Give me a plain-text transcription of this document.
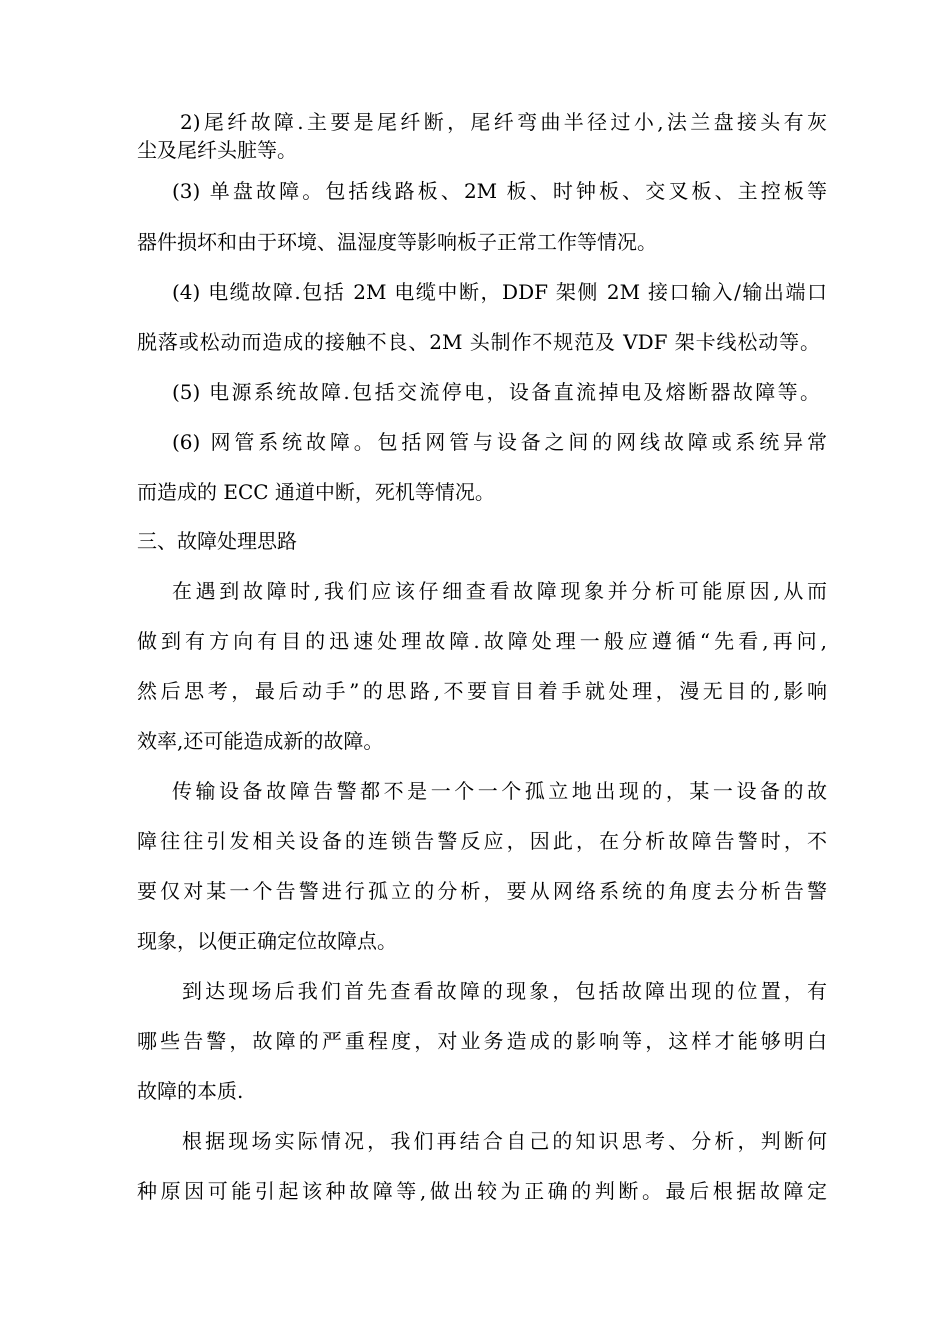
2)尾纤故障.主要是尾纤断，尾纤弯曲半径过小,法兰盘接头有灰
尘及尾纤头脏等。
(3) 单盘故障。包括线路板、2M 板、时钟板、交叉板、主控板等
器件损坏和由于环境、温湿度等影响板子正常工作等情况。
(4) 电缆故障.包括 2M 电缆中断，DDF 架侧 2M 接口输入/输出端口
脱落或松动而造成的接触不良、2M 头制作不规范及 VDF 架卡线松动等。
(5) 电源系统故障.包括交流停电，设备直流掉电及熔断器故障等。
(6) 网管系统故障。包括网管与设备之间的网线故障或系统异常
而造成的 ECC 通道中断，死机等情况。
三、故障处理思路
在遇到故障时,我们应该仔细查看故障现象并分析可能原因,从而
做到有方向有目的迅速处理故障.故障处理一般应遵循“先看,再问,
然后思考，最后动手”的思路,不要盲目着手就处理，漫无目的,影响
效率,还可能造成新的故障。
传输设备故障告警都不是一个一个孤立地出现的，某一设备的故
障往往引发相关设备的连锁告警反应，因此，在分析故障告警时，不
要仅对某一个告警进行孤立的分析，要从网络系统的角度去分析告警
现象，以便正确定位故障点。
到达现场后我们首先查看故障的现象，包括故障出现的位置，有
哪些告警，故障的严重程度，对业务造成的影响等，这样才能够明白
故障的本质.
根据现场实际情况，我们再结合自己的知识思考、分析，判断何
种原因可能引起该种故障等,做出较为正确的判断。最后根据故障定
